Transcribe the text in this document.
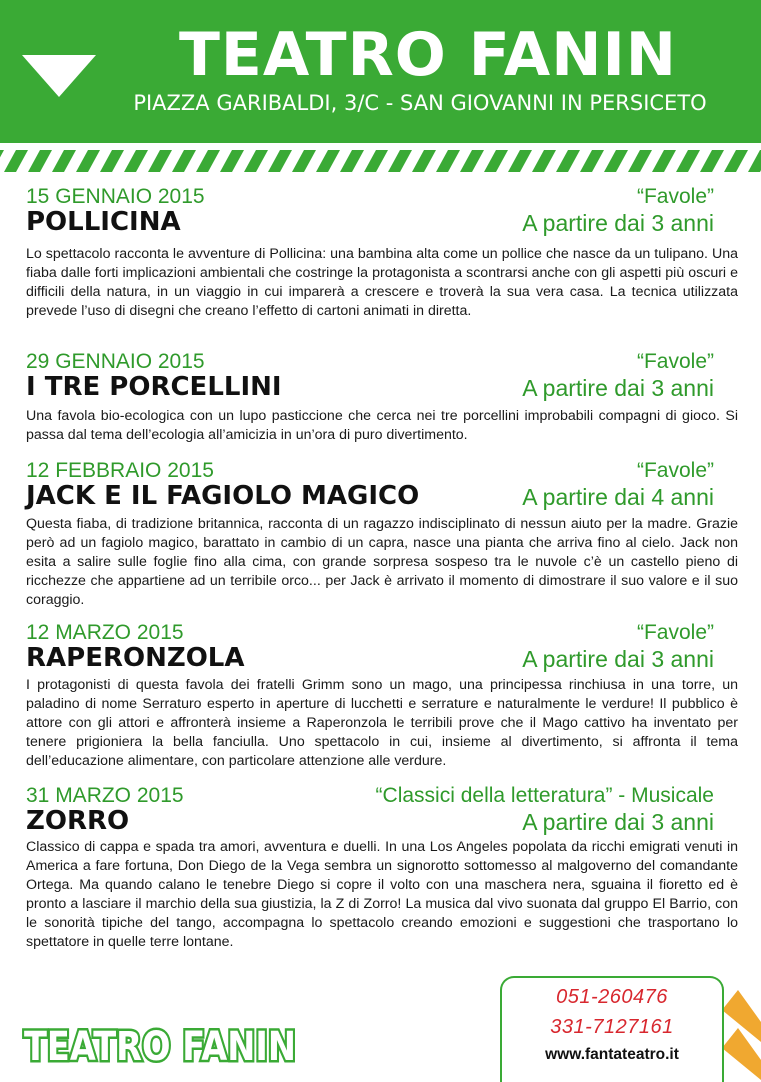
TEATRO FANIN
PIAZZA GARIBALDI, 3/C - SAN GIOVANNI IN PERSICETO
15 GENNAIO 2015	“Favole”
POLLICINA	A partire dai 3 anni
Lo spettacolo racconta le avventure di Pollicina: una bambina alta come un pollice che nasce da un tulipano. Una fiaba dalle forti implicazioni ambientali che costringe la protagonista a scontrarsi anche con gli aspetti più oscuri e difficili della natura, in un viaggio in cui imparerà a crescere e troverà la sua vera casa. La tecnica utilizzata prevede l’uso di disegni che creano l’effetto di cartoni animati in diretta.
29 GENNAIO 2015	“Favole”
I TRE PORCELLINI	A partire dai 3 anni
Una favola bio-ecologica con un lupo pasticcione che cerca nei tre porcellini improbabili compagni di gioco. Si passa dal tema dell’ecologia all’amicizia in un’ora di puro divertimento.
12 FEBBRAIO 2015	“Favole”
JACK E IL FAGIOLO MAGICO	A partire dai 4 anni
Questa fiaba, di tradizione britannica, racconta di un ragazzo indisciplinato di nessun aiuto per la madre. Grazie però ad un fagiolo magico, barattato in cambio di un capra, nasce una pianta che arriva fino al cielo. Jack non esita a salire sulle foglie fino alla cima, con grande sorpresa sospeso tra le nuvole c’è un castello pieno di ricchezze che appartiene ad un terribile orco... per Jack è arrivato il momento di dimostrare il suo valore e il suo coraggio.
12 MARZO 2015	“Favole”
RAPERONZOLA	A partire dai 3 anni
I protagonisti di questa favola dei fratelli Grimm sono un mago, una principessa rinchiusa in una torre, un paladino di nome Serraturo esperto in aperture di lucchetti e serrature e naturalmente le verdure! Il pubblico è attore con gli attori e affronterà insieme a Raperonzola le terribili prove che il Mago cattivo ha inventato per tenere prigioniera la bella fanciulla. Uno spettacolo in cui, insieme al divertimento, si affronta il tema dell’educazione alimentare, con particolare attenzione alle verdure.
31 MARZO 2015	“Classici della letteratura” - Musicale
ZORRO	A partire dai 3 anni
Classico di cappa e spada tra amori, avventura e duelli. In una Los Angeles popolata da ricchi emigrati venuti in America a fare fortuna, Don Diego de la Vega sembra un signorotto sottomesso al malgoverno del comandante Ortega. Ma quando calano le tenebre Diego si copre il volto con una maschera nera, sguaina il fioretto ed è pronto a lasciare il marchio della sua giustizia, la Z di Zorro! La musica dal vivo suonata dal gruppo El Barrio, con le sonorità tipiche del tango, accompagna lo spettacolo creando emozioni e suggestioni che trasportano lo spettatore in quelle terre lontane.
TEATRO FANIN
051-260476
331-7127161
www.fantateatro.it
